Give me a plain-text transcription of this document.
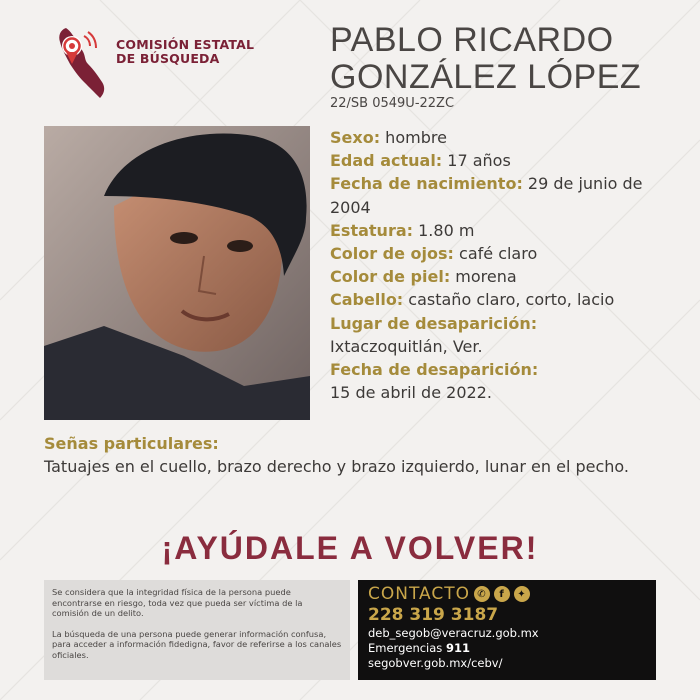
COMISIÓN ESTATAL
DE BÚSQUEDA	PABLO RICARDO
GONZÁLEZ LÓPEZ
22/SB 0549U-22ZC
Sexo: hombre
Edad actual: 17 años
Fecha de nacimiento: 29 de junio de 2004
Estatura: 1.80 m
Color de ojos: café claro
Color de piel: morena
Cabello: castaño claro, corto, lacio
Lugar de desaparición:
Ixtaczoquitlán, Ver.
Fecha de desaparición:
15 de abril de 2022.
Señas particulares:
Tatuajes en el cuello, brazo derecho y brazo izquierdo, lunar en el pecho.
¡AYÚDALE A VOLVER!

Se considera que la integridad física de la persona puede encontrarse en riesgo, toda vez que pueda ser víctima de la comisión de un delito.

La búsqueda de una persona puede generar información confusa, para acceder a información fidedigna, favor de referirse a los canales oficiales.

CONTACTO ✆	f	✦
228 319 3187
deb_segob@veracruz.gob.mx
Emergencias 911
segobver.gob.mx/cebv/
